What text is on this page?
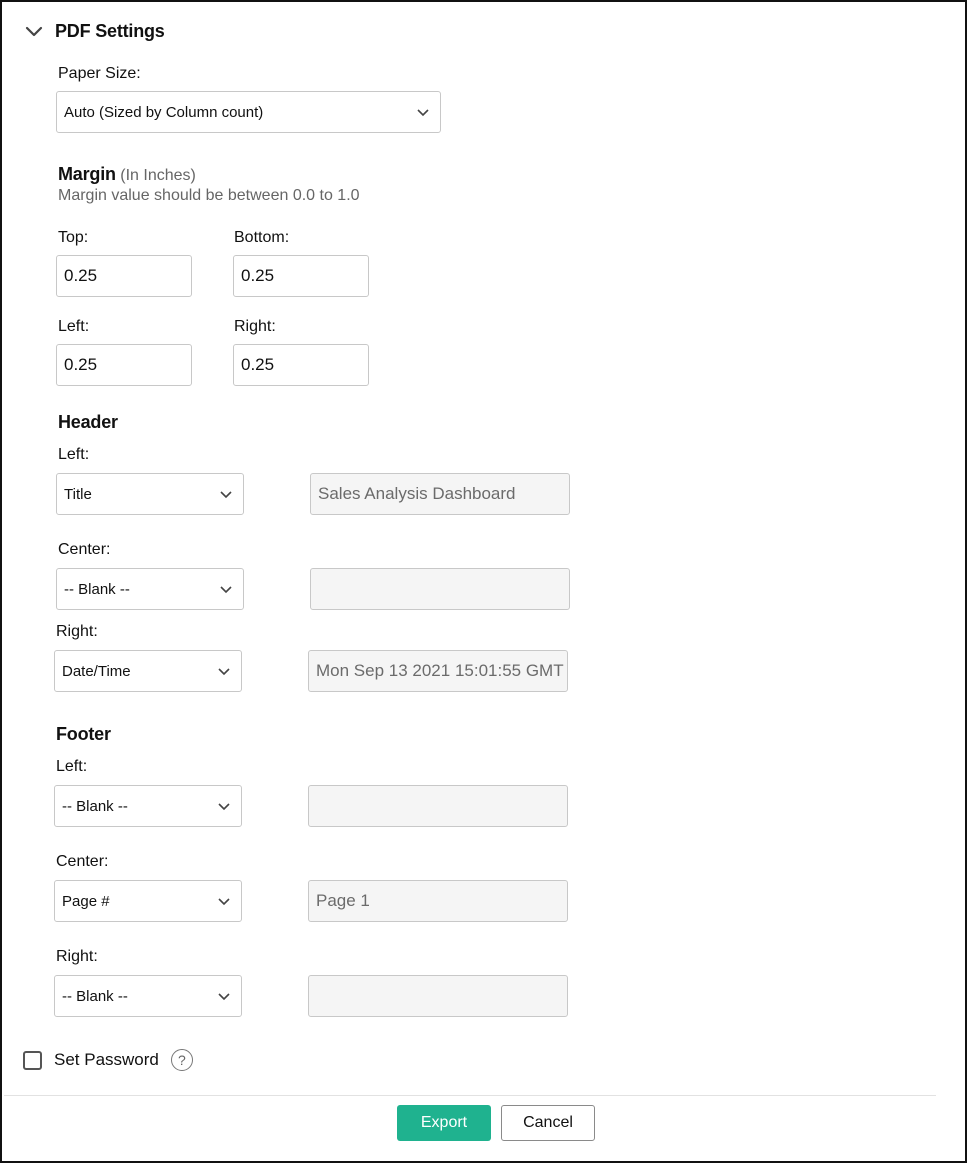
PDF Settings
Paper Size:
Auto (Sized by Column count)
Margin (In Inches)
Margin value should be between 0.0 to 1.0
Top:
0.25
Bottom:
0.25
Left:
0.25
Right:
0.25
Header
Left:
Title	Sales Analysis Dashboard
Center:
-- Blank --
Right:
Date/Time	Mon Sep 13 2021 15:01:55 GMT
Footer
Left:
-- Blank --
Center:
Page #	Page 1
Right:
-- Blank --
Set Password	?
Export	Cancel
